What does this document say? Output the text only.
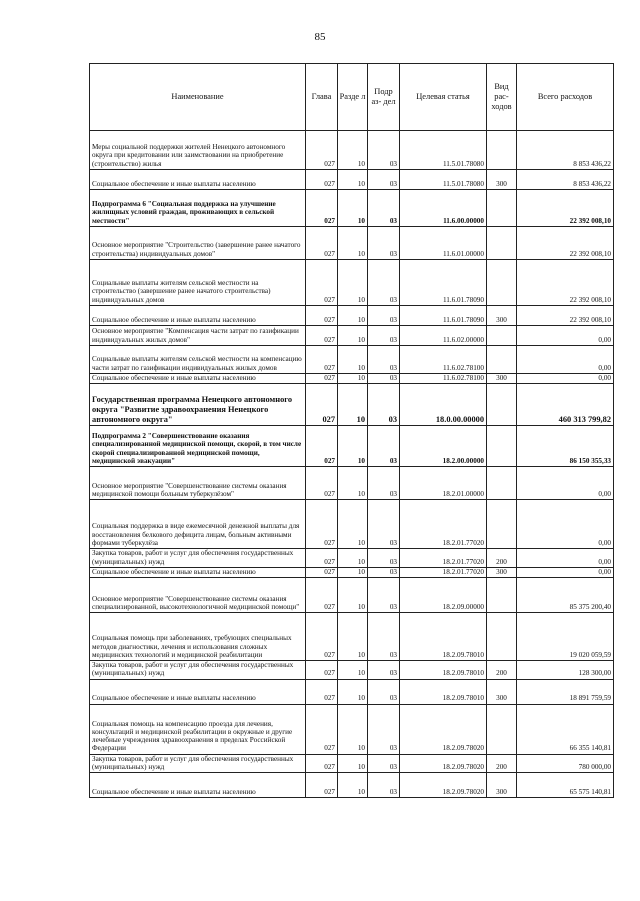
85
Наименование	Глава	Разде л	Подр аз- дел	Целевая статья	Вид рас- ходов	Всего расходов
Меры социальной поддержки жителей Ненецкого автономного округа при кредитовании или заимствовании на приобретение (строительство) жилья	027	10	03	11.5.01.78080		8 853 436,22
Социальное обеспечение и иные выплаты населению	027	10	03	11.5.01.78080	300	8 853 436,22
Подпрограмма 6 "Социальная поддержка на улучшение жилищных условий граждан, проживающих в сельской местности"	027	10	03	11.6.00.00000		22 392 008,10
Основное мероприятие "Строительство (завершение ранее начатого строительства) индивидуальных домов"	027	10	03	11.6.01.00000		22 392 008,10
Социальные выплаты жителям сельской местности на строительство (завершение ранее начатого строительства) индивидуальных домов	027	10	03	11.6.01.78090		22 392 008,10
Социальное обеспечение и иные выплаты населению	027	10	03	11.6.01.78090	300	22 392 008,10
Основное мероприятие "Компенсация части затрат по газификации индивидуальных жилых домов"	027	10	03	11.6.02.00000		0,00
Социальные выплаты жителям сельской местности на компенсацию части затрат по газификации индивидуальных жилых домов	027	10	03	11.6.02.78100		0,00
Социальное обеспечение и иные выплаты населению	027	10	03	11.6.02.78100	300	0,00
Государственная программа Ненецкого автономного округа "Развитие здравоохранения Ненецкого автономного округа"	027	10	03	18.0.00.00000		460 313 799,82
Подпрограмма 2 "Совершенствование оказания специализированной медицинской помощи, скорой, в том числе скорой специализированной медицинской помощи, медицинской эвакуации"	027	10	03	18.2.00.00000		86 150 355,33
Основное мероприятие "Совершенствование системы оказания медицинской помощи больным туберкулёзом"	027	10	03	18.2.01.00000		0,00
Социальная поддержка в виде ежемесячной денежной выплаты для восстановления белкового дефицита лицам, больным активными формами туберкулёза	027	10	03	18.2.01.77020		0,00
Закупка товаров, работ и услуг для обеспечения государственных (муниципальных) нужд	027	10	03	18.2.01.77020	200	0,00
Социальное обеспечение и иные выплаты населению	027	10	03	18.2.01.77020	300	0,00
Основное мероприятие "Совершенствование системы оказания специализированной, высокотехнологичной медицинской помощи"	027	10	03	18.2.09.00000		85 375 200,40
Социальная помощь при заболеваниях, требующих специальных методов диагностики, лечения и использования сложных медицинских технологий и медицинской реабилитации	027	10	03	18.2.09.78010		19 020 059,59
Закупка товаров, работ и услуг для обеспечения государственных (муниципальных) нужд	027	10	03	18.2.09.78010	200	128 300,00
Социальное обеспечение и иные выплаты населению	027	10	03	18.2.09.78010	300	18 891 759,59
Социальная помощь на компенсацию проезда для лечения, консультаций и медицинской реабилитации в окружные и другие лечебные учреждения здравоохранения в пределах Российской Федерации	027	10	03	18.2.09.78020		66 355 140,81
Закупка товаров, работ и услуг для обеспечения государственных (муниципальных) нужд	027	10	03	18.2.09.78020	200	780 000,00
Социальное обеспечение и иные выплаты населению	027	10	03	18.2.09.78020	300	65 575 140,81
